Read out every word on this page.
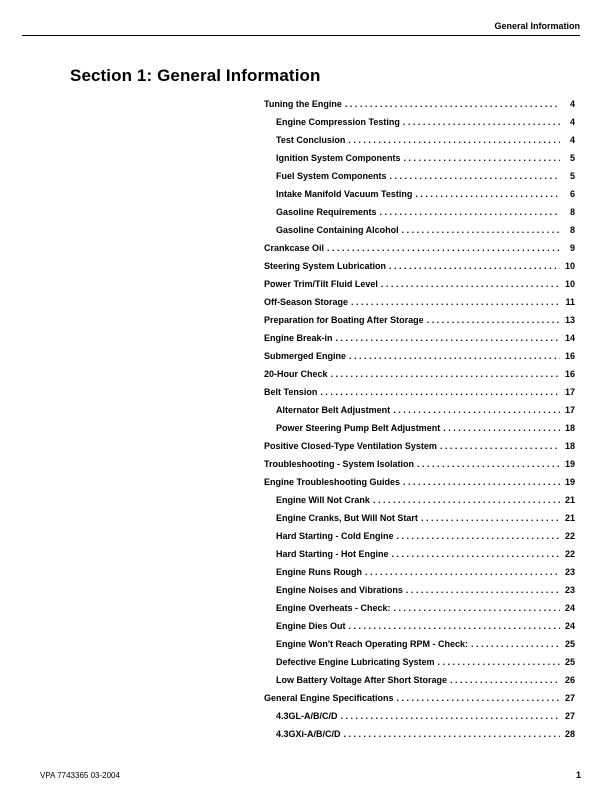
General Information
Section 1: General Information
Tuning the Engine . . .	4
Engine Compression Testing . . .	4
Test Conclusion . . .	4
Ignition System Components . . .	5
Fuel System Components . . .	5
Intake Manifold Vacuum Testing . . .	6
Gasoline Requirements . . .	8
Gasoline Containing Alcohol . . .	8
Crankcase Oil . . .	9
Steering System Lubrication . . .	10
Power Trim/Tilt Fluid Level . . .	10
Off-Season Storage . . .	11
Preparation for Boating After Storage . . .	13
Engine Break-in . . .	14
Submerged Engine . . .	16
20-Hour Check . . .	16
Belt Tension . . .	17
Alternator Belt Adjustment . . .	17
Power Steering Pump Belt Adjustment . . .	18
Positive Closed-Type Ventilation System . . .	18
Troubleshooting - System Isolation . . .	19
Engine Troubleshooting Guides . . .	19
Engine Will Not Crank . . .	21
Engine Cranks, But Will Not Start . . .	21
Hard Starting - Cold Engine . . .	22
Hard Starting - Hot Engine . . .	22
Engine Runs Rough . . .	23
Engine Noises and Vibrations . . .	23
Engine Overheats - Check: . . .	24
Engine Dies Out . . .	24
Engine Won't Reach Operating RPM - Check: . . .	25
Defective Engine Lubricating System . . .	25
Low Battery Voltage After Short Storage . . .	26
General Engine Specifications . . .	27
4.3GL-A/B/C/D . . .	27
4.3GXi-A/B/C/D . . .	28
VPA 7743365 03-2004	1
